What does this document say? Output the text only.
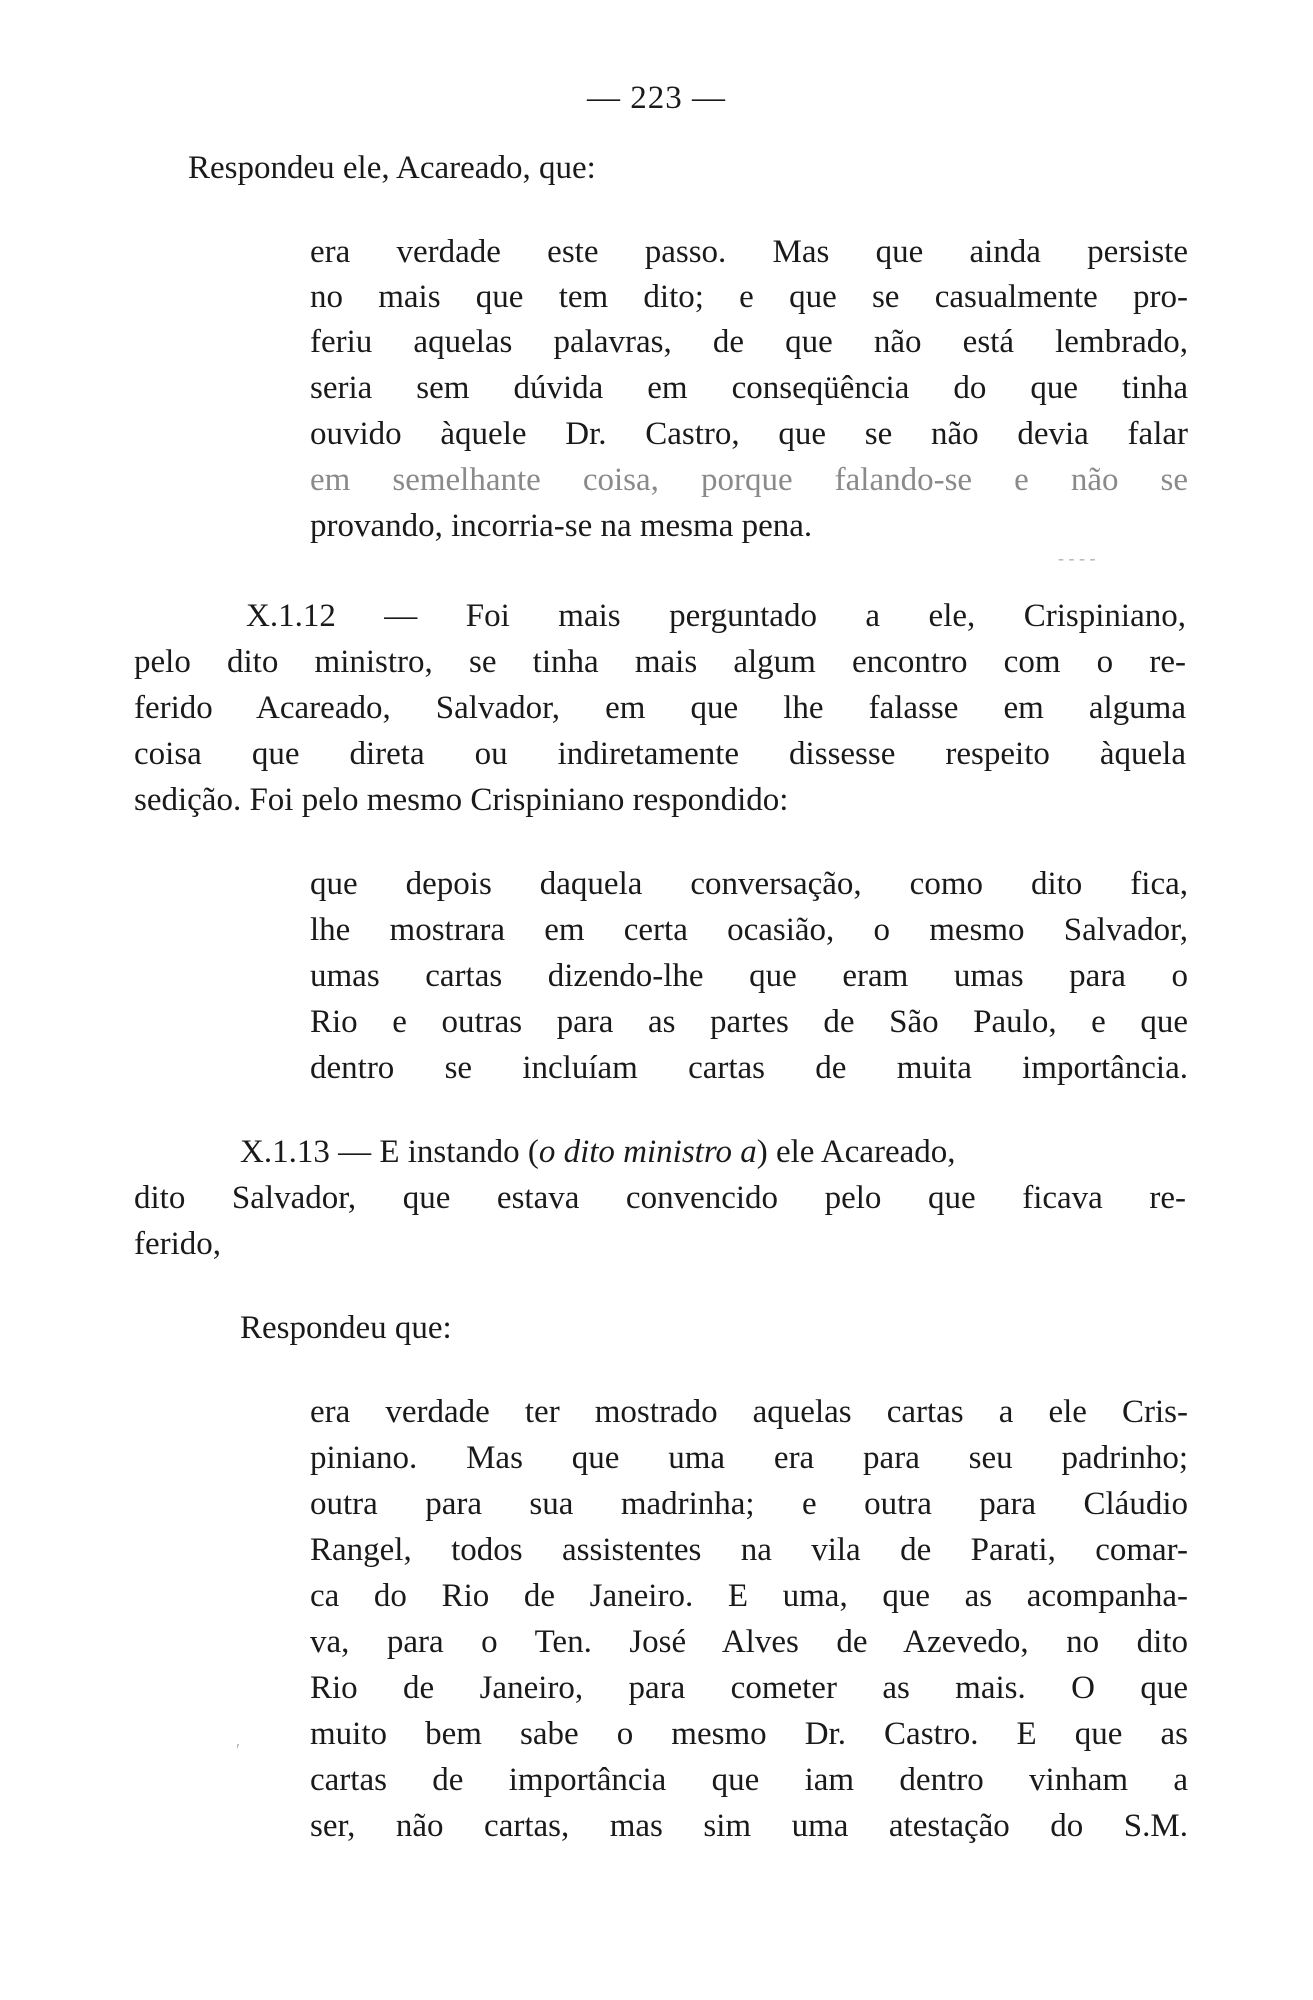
— 223 —
Respondeu ele, Acareado, que:
era verdade este passo. Mas que ainda persiste
no mais que tem dito; e que se casualmente pro-
feriu aquelas palavras, de que não está lembrado,
seria sem dúvida em conseqüência do que tinha
ouvido àquele Dr. Castro, que se não devia falar
em semelhante coisa, porque falando-se e não se
provando, incorria-se na mesma pena.
- - - -
X.1.12 — Foi mais perguntado a ele, Crispiniano,
pelo dito ministro, se tinha mais algum encontro com o re-
ferido Acareado, Salvador, em que lhe falasse em alguma
coisa que direta ou indiretamente dissesse respeito àquela
sedição. Foi pelo mesmo Crispiniano respondido:
que depois daquela conversação, como dito fica,
lhe mostrara em certa ocasião, o mesmo Salvador,
umas cartas dizendo-lhe que eram umas para o
Rio e outras para as partes de São Paulo, e que
dentro se incluíam cartas de muita importância.
X.1.13 — E instando (o dito ministro a) ele Acareado,
dito Salvador, que estava convencido pelo que ficava re-
ferido,
Respondeu que:
era verdade ter mostrado aquelas cartas a ele Cris-
piniano. Mas que uma era para seu padrinho;
outra para sua madrinha; e outra para Cláudio
Rangel, todos assistentes na vila de Parati, comar-
ca do Rio de Janeiro. E uma, que as acompanha-
va, para o Ten. José Alves de Azevedo, no dito
Rio de Janeiro, para cometer as mais. O que
muito bem sabe o mesmo Dr. Castro. E que as
cartas de importância que iam dentro vinham a
ser, não cartas, mas sim uma atestação do S.M.
′
